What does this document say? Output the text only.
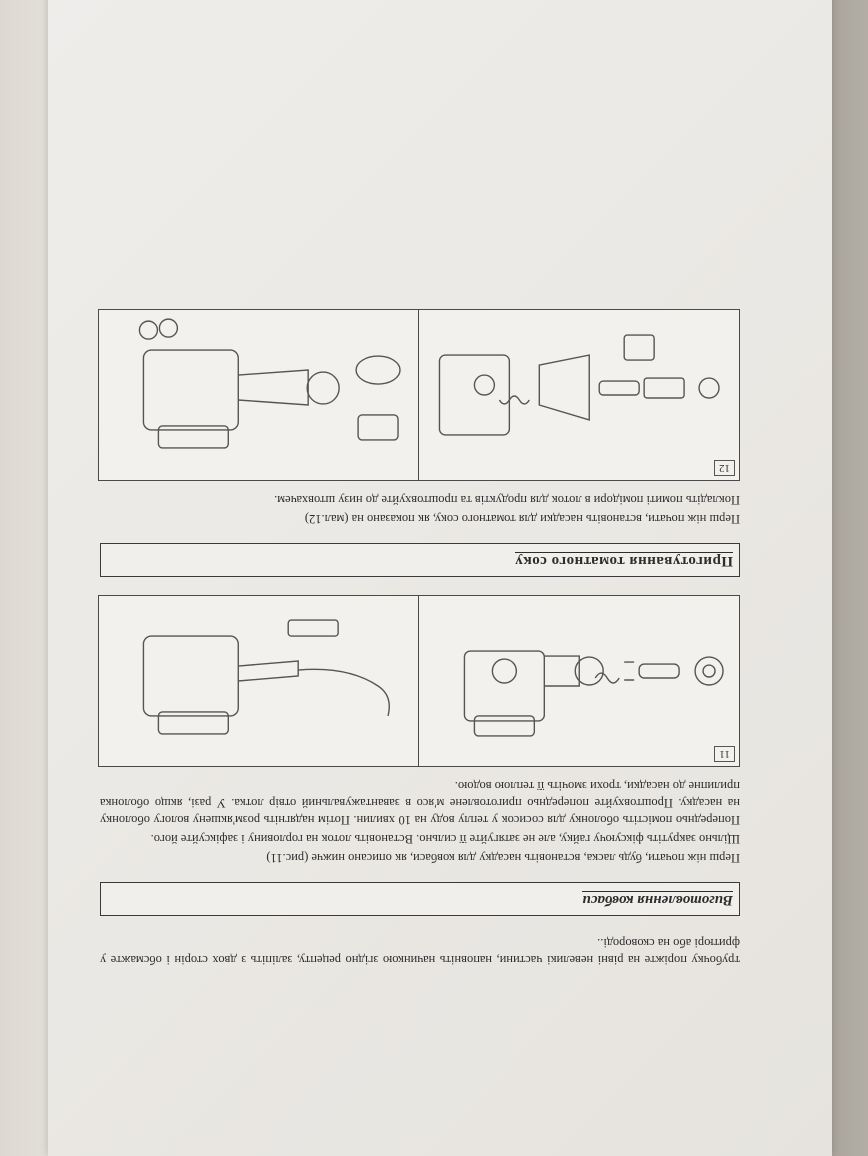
трубочку поріжте на рівні невеликі частини, наповніть начинкою згідно рецепту, заліпіть з двох сторін і обсмажте у фритюрі або на сковороді..

Виготовлення ковбаси

Перш ніж почати, будь ласка, встановіть насадку для ковбаси, як описано нижче (рис.11)

Щільно закрутіть фіксуючу гайку, але не затягуйте її сильно. Встановіть лоток на горловину і зафіксуйте його.

Попередньо помістіть оболонку для сосисок у теплу воду на 10 хвилин. Потім надягніть розм'якшену вологу оболонку на насадку. Проштовхуйте попередньо приготовлене м'ясо в завантажувальний отвір лотка. У разі, якщо оболонка прилипне до насадки, трохи змочіть її теплою водою.

11
Приготування томатного соку

Перш ніж почати, встановіть насадки для томатного соку, як показано на (мал.12)

Покладіть помиті помідори в лоток для продуктів та проштовхуйте до низу штовхачем.

12
